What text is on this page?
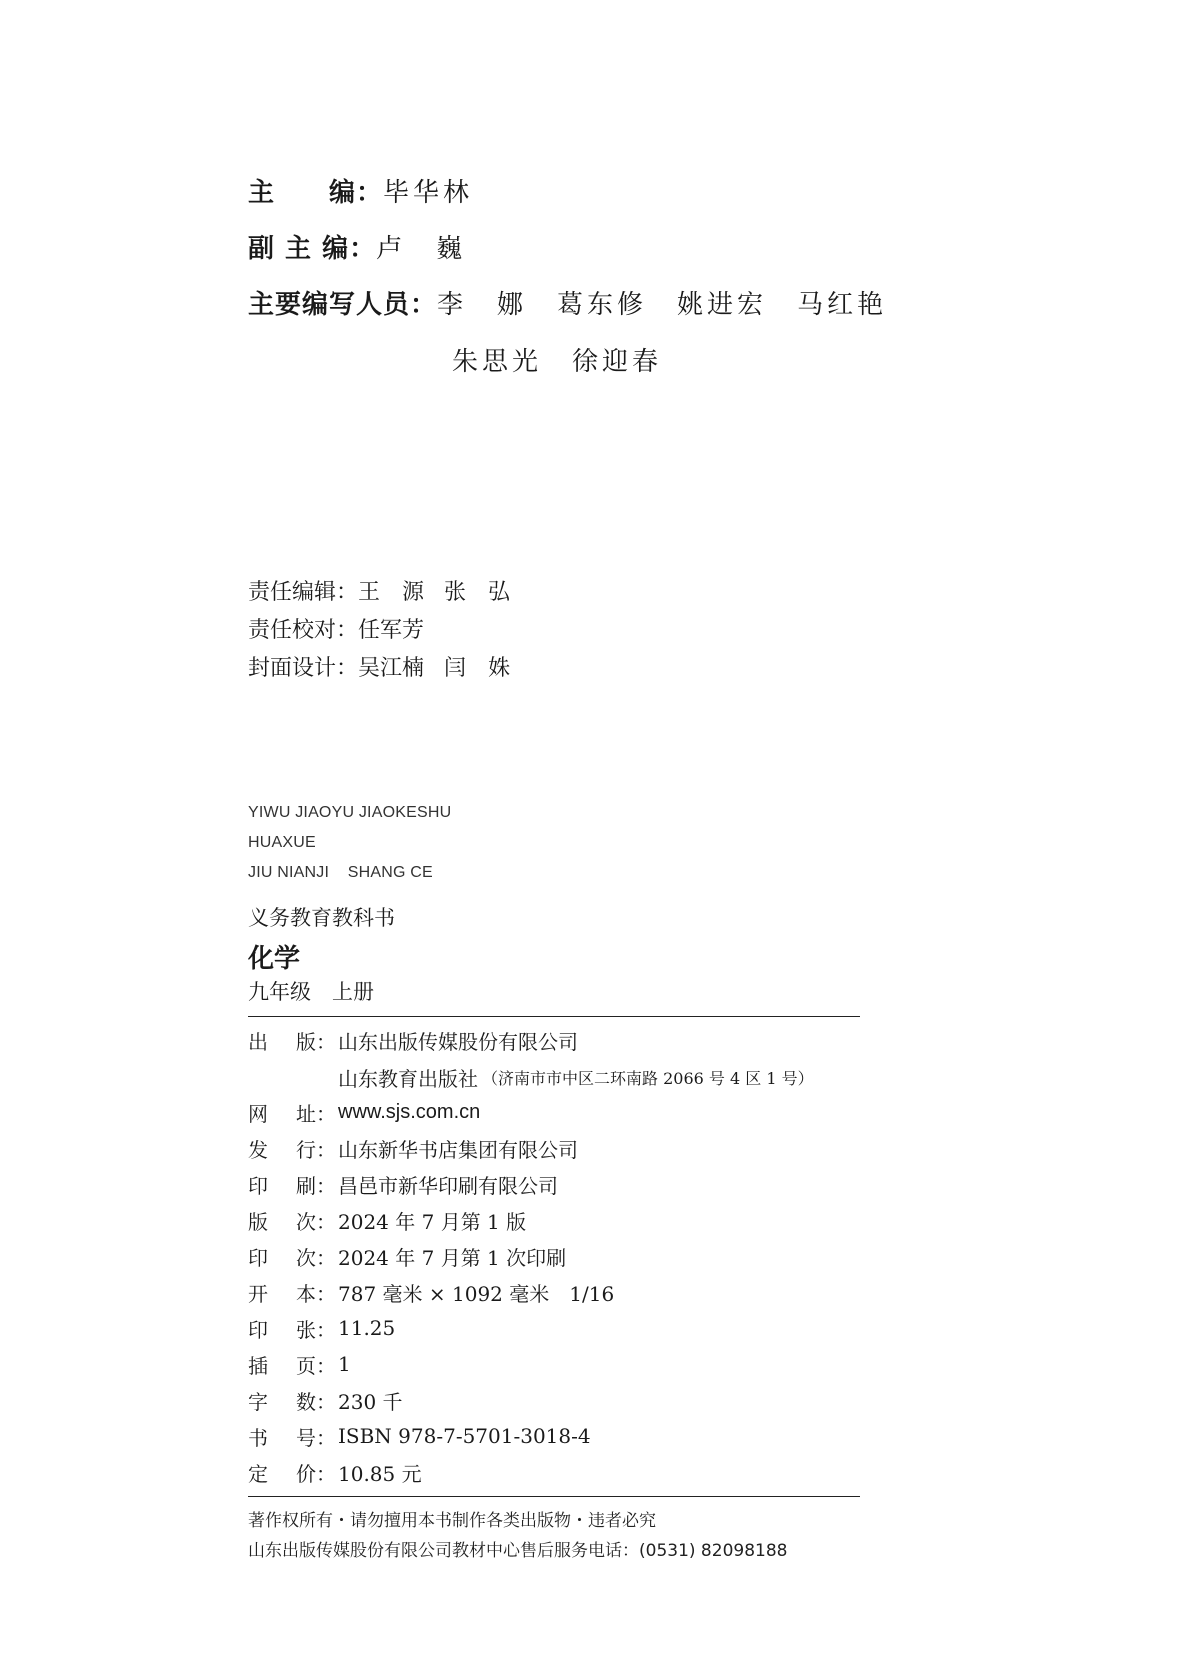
主　　编： 毕华林
副 主 编： 卢　巍
主要编写人员： 李　娜 葛东修 姚进宏 马红艳
朱思光 徐迎春
责任编辑： 王　源 张　弘
责任校对： 任军芳
封面设计： 吴江楠 闫　姝
YIWU JIAOYU JIAOKESHU
HUAXUE
JIU NIANJI    SHANG CE
义务教育教科书
化学
九年级　上册
出 版： 山东出版传媒股份有限公司
山东教育出版社 （济南市市中区二环南路 2066 号 4 区 1 号）
网 址： www.sjs.com.cn
发 行： 山东新华书店集团有限公司
印 刷： 昌邑市新华印刷有限公司
版 次： 2024 年 7 月第 1 版
印 次： 2024 年 7 月第 1 次印刷
开 本： 787 毫米 × 1092 毫米　1/16
印 张： 11.25
插 页： 1
字 数： 230 千
书 号： ISBN 978-7-5701-3018-4
定 价： 10.85 元
著作权所有・请勿擅用本书制作各类出版物・违者必究
山东出版传媒股份有限公司教材中心售后服务电话：(0531) 82098188
